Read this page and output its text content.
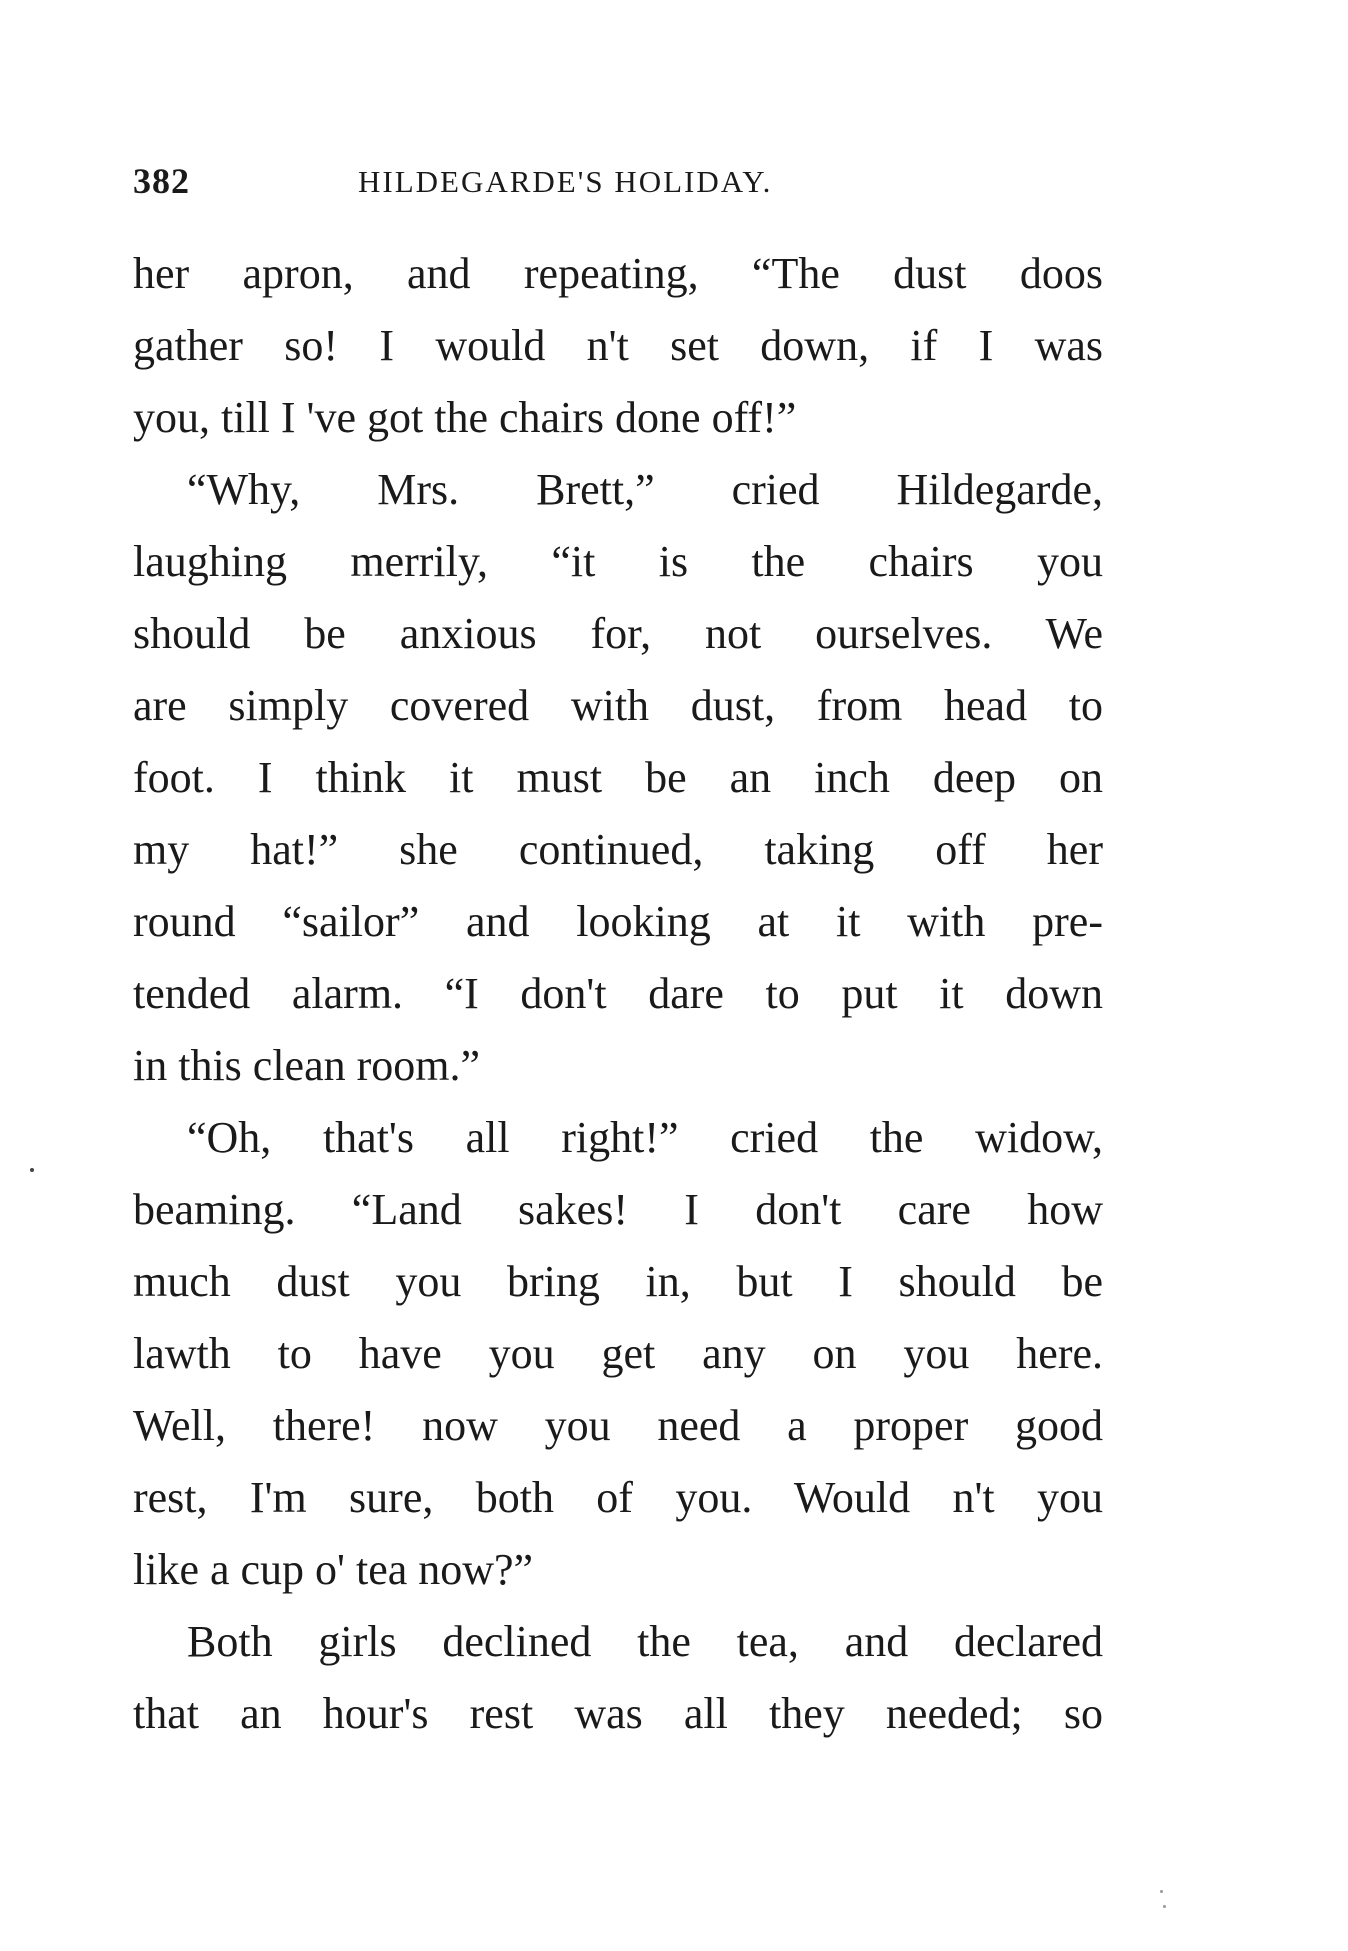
382	HILDEGARDE'S HOLIDAY.
her apron, and repeating, “The dust doos
gather so! I would n't set down, if I was
you, till I 've got the chairs done off!”
“Why, Mrs. Brett,” cried Hildegarde,
laughing merrily, “it is the chairs you
should be anxious for, not ourselves. We
are simply covered with dust, from head to
foot. I think it must be an inch deep on
my hat!” she continued, taking off her
round “sailor” and looking at it with pre-
tended alarm. “I don't dare to put it down
in this clean room.”
“Oh, that's all right!” cried the widow,
beaming. “Land sakes! I don't care how
much dust you bring in, but I should be
lawth to have you get any on you here.
Well, there! now you need a proper good
rest, I'm sure, both of you. Would n't you
like a cup o' tea now?”
Both girls declined the tea, and declared
that an hour's rest was all they needed; so
